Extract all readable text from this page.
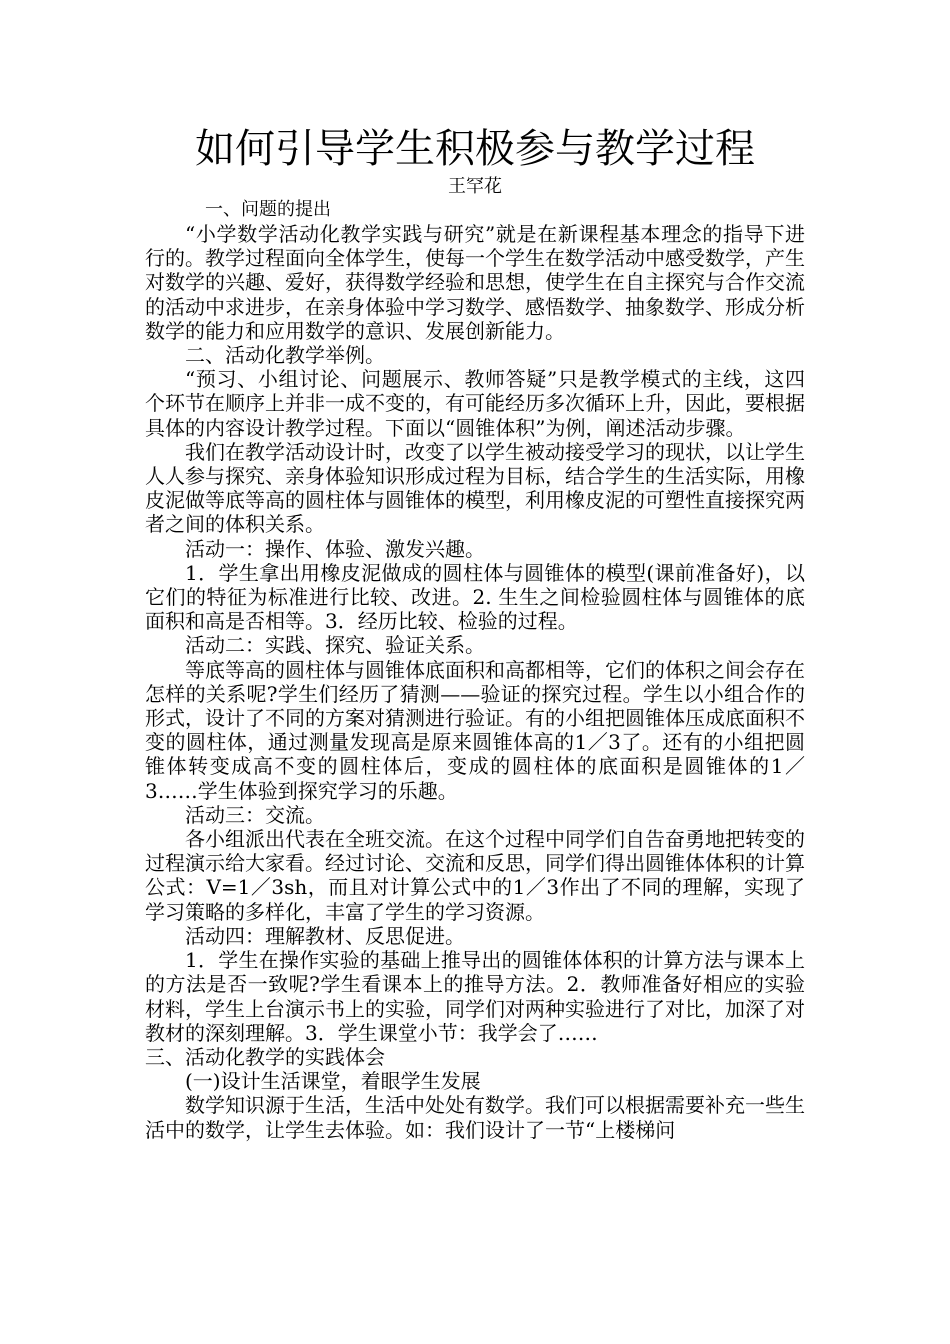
如何引导学生积极参与教学过程

王罕花

一、问题的提出

“小学数学活动化教学实践与研究”就是在新课程基本理念的指导下进行的。教学过程面向全体学生，使每一个学生在数学活动中感受数学，产生对数学的兴趣、爱好，获得数学经验和思想，使学生在自主探究与合作交流的活动中求进步，在亲身体验中学习数学、感悟数学、抽象数学、形成分析数学的能力和应用数学的意识、发展创新能力。

二、活动化教学举例。

“预习、小组讨论、问题展示、教师答疑”只是教学模式的主线，这四个环节在顺序上并非一成不变的，有可能经历多次循环上升，因此，要根据具体的内容设计教学过程。下面以“圆锥体积”为例，阐述活动步骤。

我们在教学活动设计时，改变了以学生被动接受学习的现状，以让学生人人参与探究、亲身体验知识形成过程为目标，结合学生的生活实际，用橡皮泥做等底等高的圆柱体与圆锥体的模型，利用橡皮泥的可塑性直接探究两者之间的体积关系。

活动一：操作、体验、激发兴趣。

1．学生拿出用橡皮泥做成的圆柱体与圆锥体的模型(课前准备好)，以它们的特征为标准进行比较、改进。2. 生生之间检验圆柱体与圆锥体的底面积和高是否相等。3．经历比较、检验的过程。

活动二：实践、探究、验证关系。

等底等高的圆柱体与圆锥体底面积和高都相等，它们的体积之间会存在怎样的关系呢?学生们经历了猜测——验证的探究过程。学生以小组合作的形式，设计了不同的方案对猜测进行验证。有的小组把圆锥体压成底面积不变的圆柱体，通过测量发现高是原来圆锥体高的1／3了。还有的小组把圆锥体转变成高不变的圆柱体后，变成的圆柱体的底面积是圆锥体的1／3……学生体验到探究学习的乐趣。

活动三：交流。

各小组派出代表在全班交流。在这个过程中同学们自告奋勇地把转变的过程演示给大家看。经过讨论、交流和反思，同学们得出圆锥体体积的计算公式：V=1／3sh，而且对计算公式中的1／3作出了不同的理解，实现了学习策略的多样化，丰富了学生的学习资源。

活动四：理解教材、反思促进。

1．学生在操作实验的基础上推导出的圆锥体体积的计算方法与课本上的方法是否一致呢?学生看课本上的推导方法。2．教师准备好相应的实验材料，学生上台演示书上的实验，同学们对两种实验进行了对比，加深了对教材的深刻理解。3．学生课堂小节：我学会了……

三、活动化教学的实践体会

(一)设计生活课堂，着眼学生发展

数学知识源于生活，生活中处处有数学。我们可以根据需要补充一些生活中的数学，让学生去体验。如：我们设计了一节“上楼梯问
